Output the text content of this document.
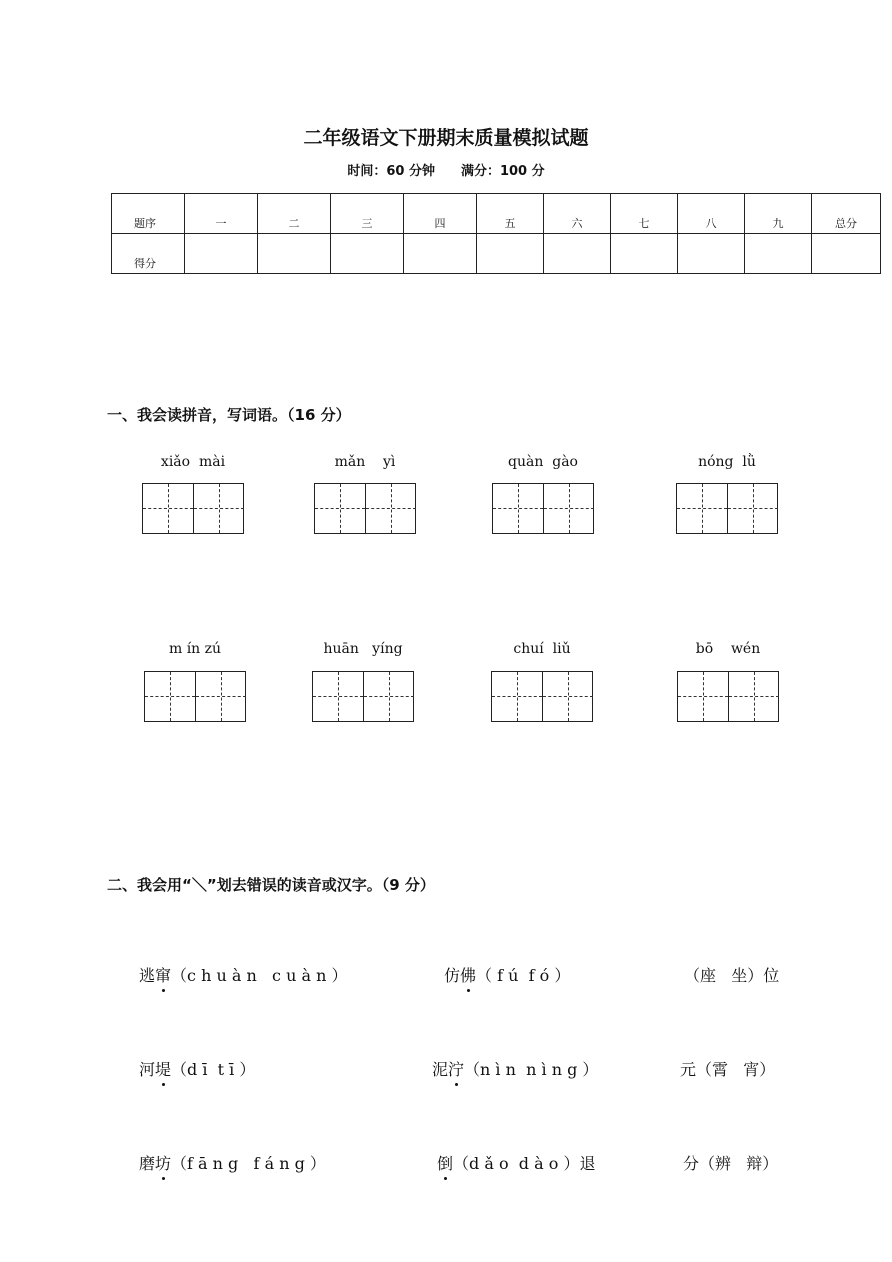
二年级语文下册期末质量模拟试题
时间：60 分钟 满分：100 分
题序	一	二	三	四	五	六	七	八	九	总分
得分										
一、我会读拼音，写词语。（16 分）
xiǎo  mài	mǎn    yì	quàn  gào	nóng  lǜ
m ín zú	huān   yíng	chuí  liǔ	bō    wén
二、我会用“＼”划去错误的读音或汉字。（9 分）
逃窜（c h u à n   c u à n ）	仿佛（ f ú  f ó ）	（座   坐）位
河堤（d ī  t ī ）	泥泞（n ì n  n ì n g ）	元（霄   宵）
磨坊（f ā n g   f á n g ）	倒（d ǎ o  d à o ）退	分（辨   辩）
